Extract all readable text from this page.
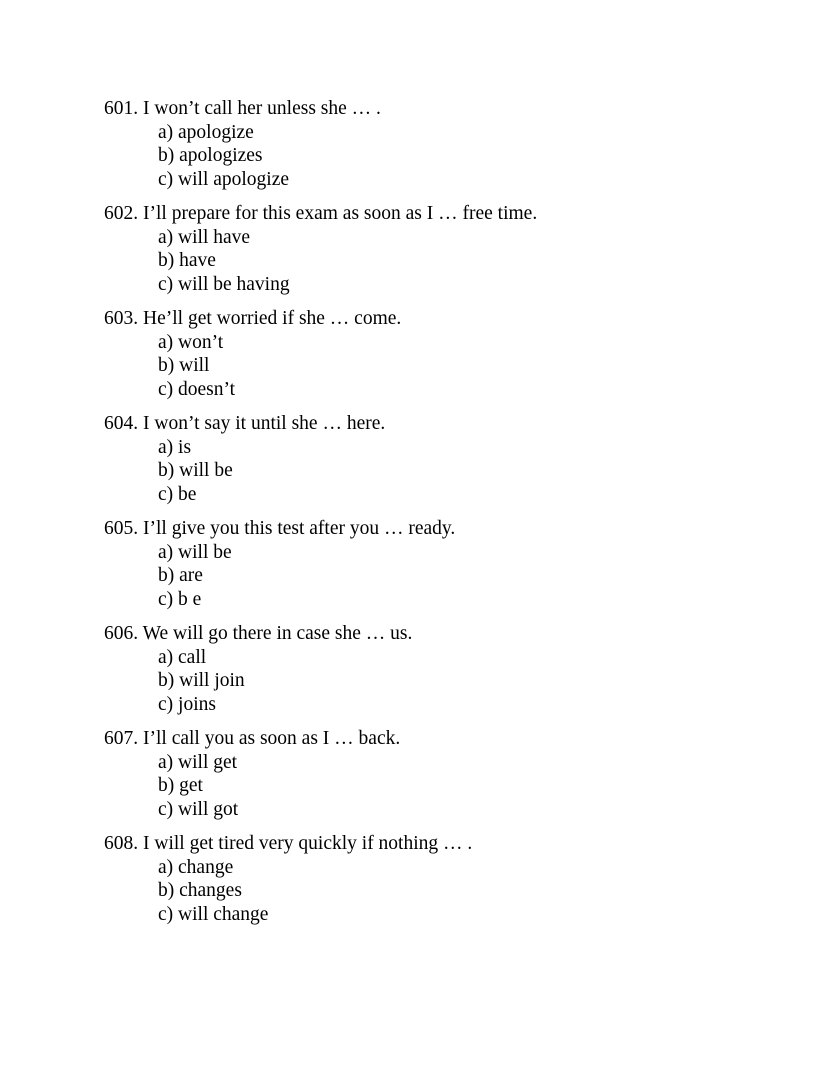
601. I won’t call her unless she … .
a) apologize
b) apologizes
c) will apologize
602. I’ll prepare for this exam as soon as I … free time.
a) will have
b) have
c) will be having
603. He’ll get worried if she … come.
a) won’t
b) will
c) doesn’t
604. I won’t say it until she … here.
a) is
b) will be
c) be
605. I’ll give you this test after you … ready.
a) will be
b) are
c) b e
606. We will go there in case she … us.
a) call
b) will join
c) joins
607. I’ll call you as soon as I … back.
a) will get
b) get
c) will got
608. I will get tired very quickly if nothing … .
a) change
b) changes
c) will change
